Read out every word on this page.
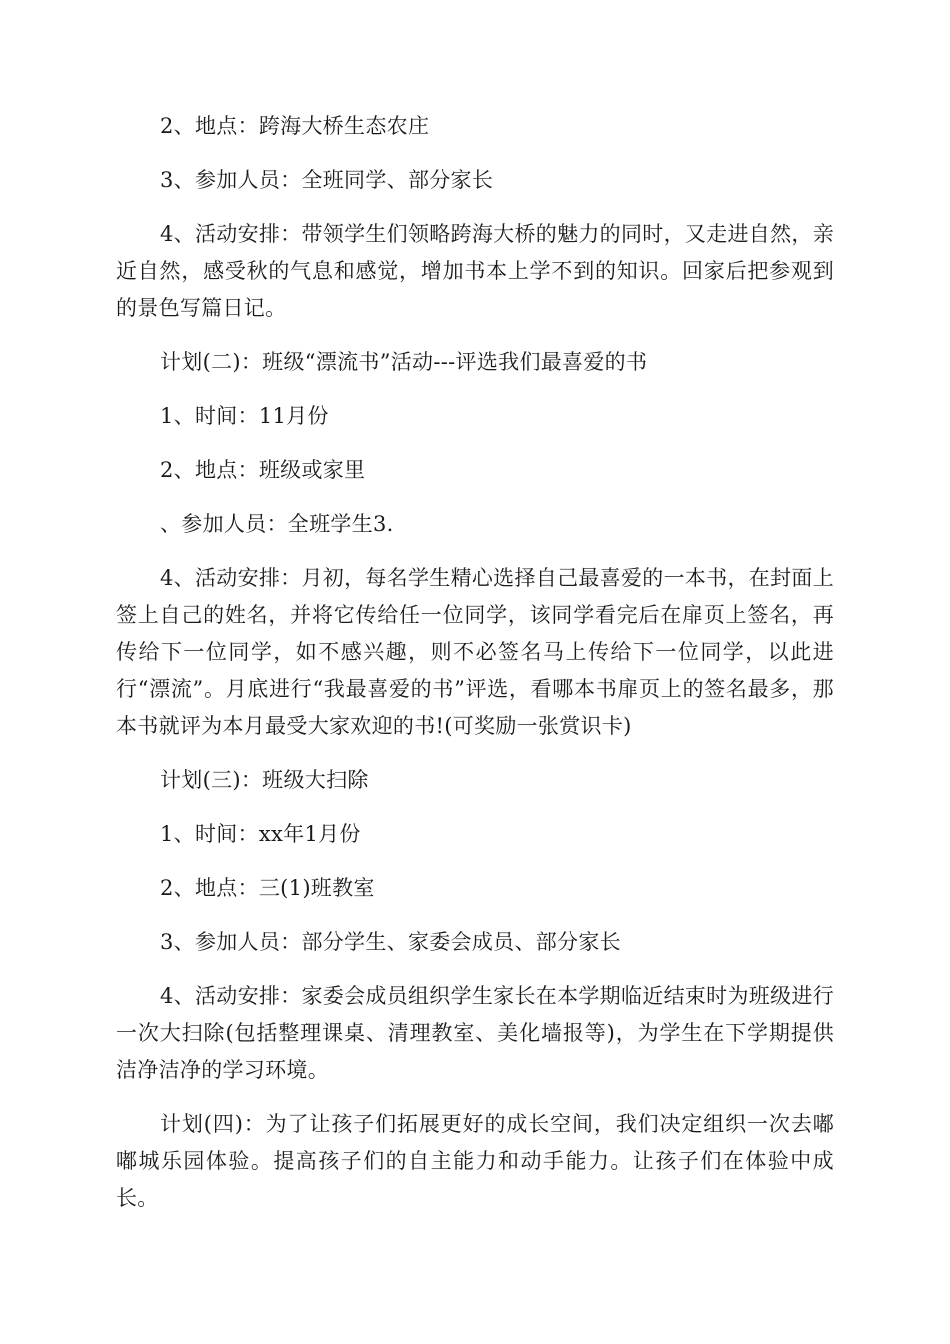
2、地点：跨海大桥生态农庄

3、参加人员：全班同学、部分家长

4、活动安排：带领学生们领略跨海大桥的魅力的同时，又走进自然，亲近自然，感受秋的气息和感觉，增加书本上学不到的知识。回家后把参观到的景色写篇日记。

计划(二)：班级“漂流书”活动---评选我们最喜爱的书

1、时间：11月份

2、地点：班级或家里

、参加人员：全班学生3.

4、活动安排：月初，每名学生精心选择自己最喜爱的一本书，在封面上签上自己的姓名，并将它传给任一位同学，该同学看完后在扉页上签名，再传给下一位同学，如不感兴趣，则不必签名马上传给下一位同学，以此进行“漂流”。月底进行“我最喜爱的书”评选，看哪本书扉页上的签名最多，那本书就评为本月最受大家欢迎的书!(可奖励一张赏识卡)

计划(三)：班级大扫除

1、时间：xx年1月份

2、地点：三(1)班教室

3、参加人员：部分学生、家委会成员、部分家长

4、活动安排：家委会成员组织学生家长在本学期临近结束时为班级进行一次大扫除(包括整理课桌、清理教室、美化墙报等)，为学生在下学期提供洁净洁净的学习环境。

计划(四)：为了让孩子们拓展更好的成长空间，我们决定组织一次去嘟嘟城乐园体验。提高孩子们的自主能力和动手能力。让孩子们在体验中成长。
